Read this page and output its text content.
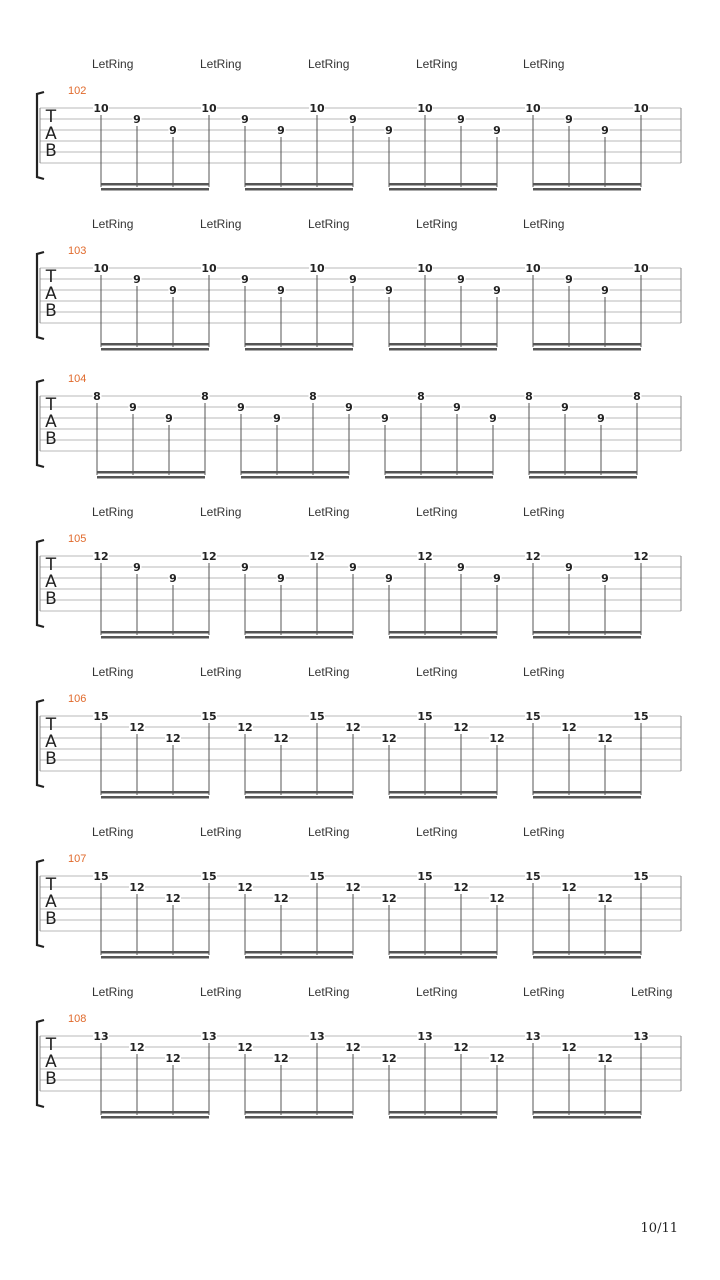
LetRing	LetRing	LetRing	LetRing	LetRing
102
T
A
B
10
9
9
10
9
9
10
9
9
10
9
9
10
9
9
10
LetRing	LetRing	LetRing	LetRing	LetRing
103
T
A
B
10
9
9
10
9
9
10
9
9
10
9
9
10
9
9
10
104
T
A
B
8
9
9
8
9
9
8
9
9
8
9
9
8
9
9
8
LetRing	LetRing	LetRing	LetRing	LetRing
105
T
A
B
12
9
9
12
9
9
12
9
9
12
9
9
12
9
9
12
LetRing	LetRing	LetRing	LetRing	LetRing
106
T
A
B
15
12
12
15
12
12
15
12
12
15
12
12
15
12
12
15
LetRing	LetRing	LetRing	LetRing	LetRing
107
T
A
B
15
12
12
15
12
12
15
12
12
15
12
12
15
12
12
15
LetRing	LetRing	LetRing	LetRing	LetRing	LetRing
108
T
A
B
13
12
12
13
12
12
13
12
12
13
12
12
13
12
12
13
10/11
